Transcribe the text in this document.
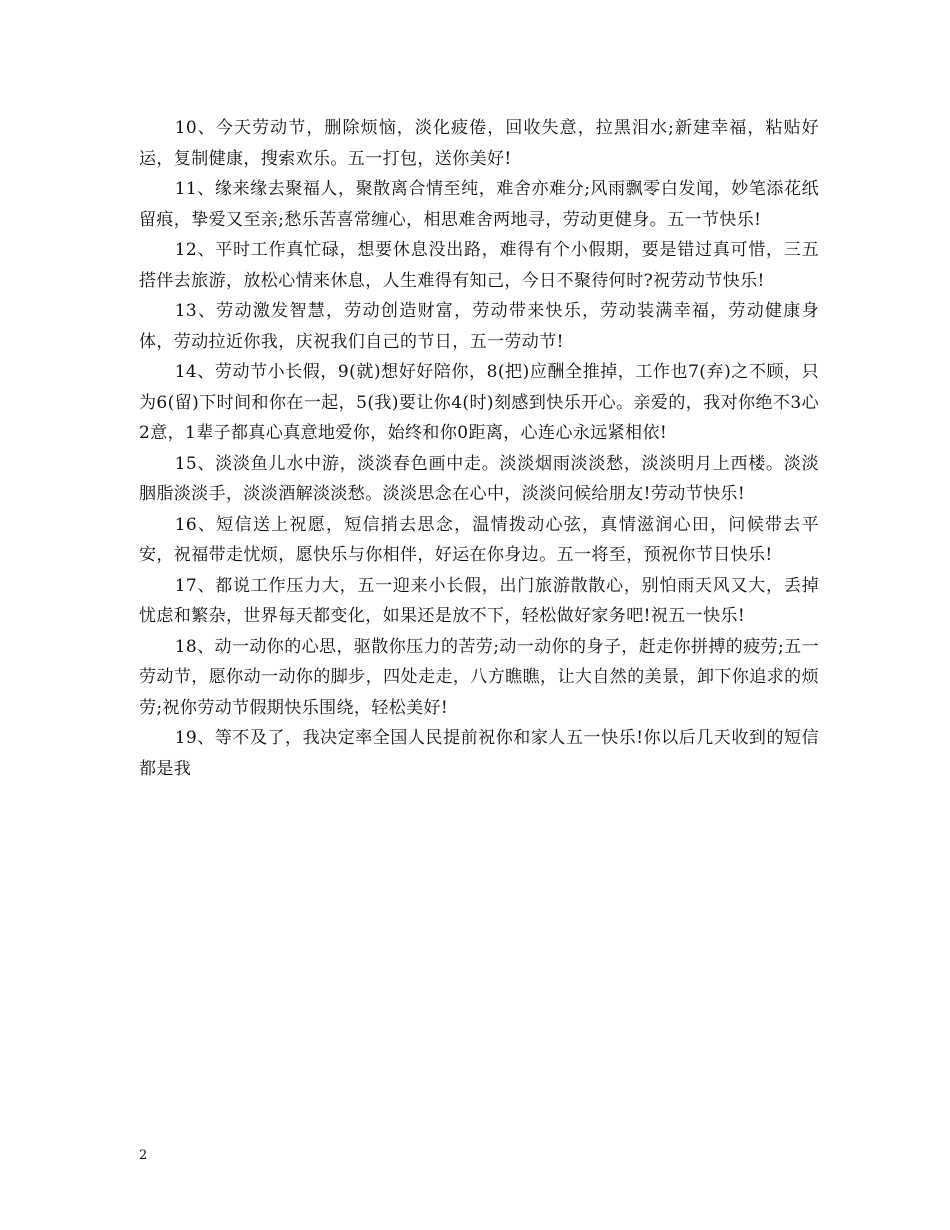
10、今天劳动节，删除烦恼，淡化疲倦，回收失意，拉黑泪水;新建幸福，粘贴好运，复制健康，搜索欢乐。五一打包，送你美好!

11、缘来缘去聚福人，聚散离合情至纯，难舍亦难分;风雨飘零白发闻，妙笔添花纸留痕，挚爱又至亲;愁乐苦喜常缠心，相思难舍两地寻，劳动更健身。五一节快乐!

12、平时工作真忙碌，想要休息没出路，难得有个小假期，要是错过真可惜，三五搭伴去旅游，放松心情来休息，人生难得有知己，今日不聚待何时?祝劳动节快乐!

13、劳动激发智慧，劳动创造财富，劳动带来快乐，劳动装满幸福，劳动健康身体，劳动拉近你我，庆祝我们自己的节日，五一劳动节!

14、劳动节小长假，9(就)想好好陪你，8(把)应酬全推掉，工作也7(弃)之不顾，只为6(留)下时间和你在一起，5(我)要让你4(时)刻感到快乐开心。亲爱的，我对你绝不3心2意，1辈子都真心真意地爱你，始终和你0距离，心连心永远紧相依!

15、淡淡鱼儿水中游，淡淡春色画中走。淡淡烟雨淡淡愁，淡淡明月上西楼。淡淡胭脂淡淡手，淡淡酒解淡淡愁。淡淡思念在心中，淡淡问候给朋友!劳动节快乐!

16、短信送上祝愿，短信捎去思念，温情拨动心弦，真情滋润心田，问候带去平安，祝福带走忧烦，愿快乐与你相伴，好运在你身边。五一将至，预祝你节日快乐!

17、都说工作压力大，五一迎来小长假，出门旅游散散心，别怕雨天风又大，丢掉忧虑和繁杂，世界每天都变化，如果还是放不下，轻松做好家务吧!祝五一快乐!

18、动一动你的心思，驱散你压力的苦劳;动一动你的身子，赶走你拼搏的疲劳;五一劳动节，愿你动一动你的脚步，四处走走，八方瞧瞧，让大自然的美景，卸下你追求的烦劳;祝你劳动节假期快乐围绕，轻松美好!

19、等不及了，我决定率全国人民提前祝你和家人五一快乐!你以后几天收到的短信都是我

2
